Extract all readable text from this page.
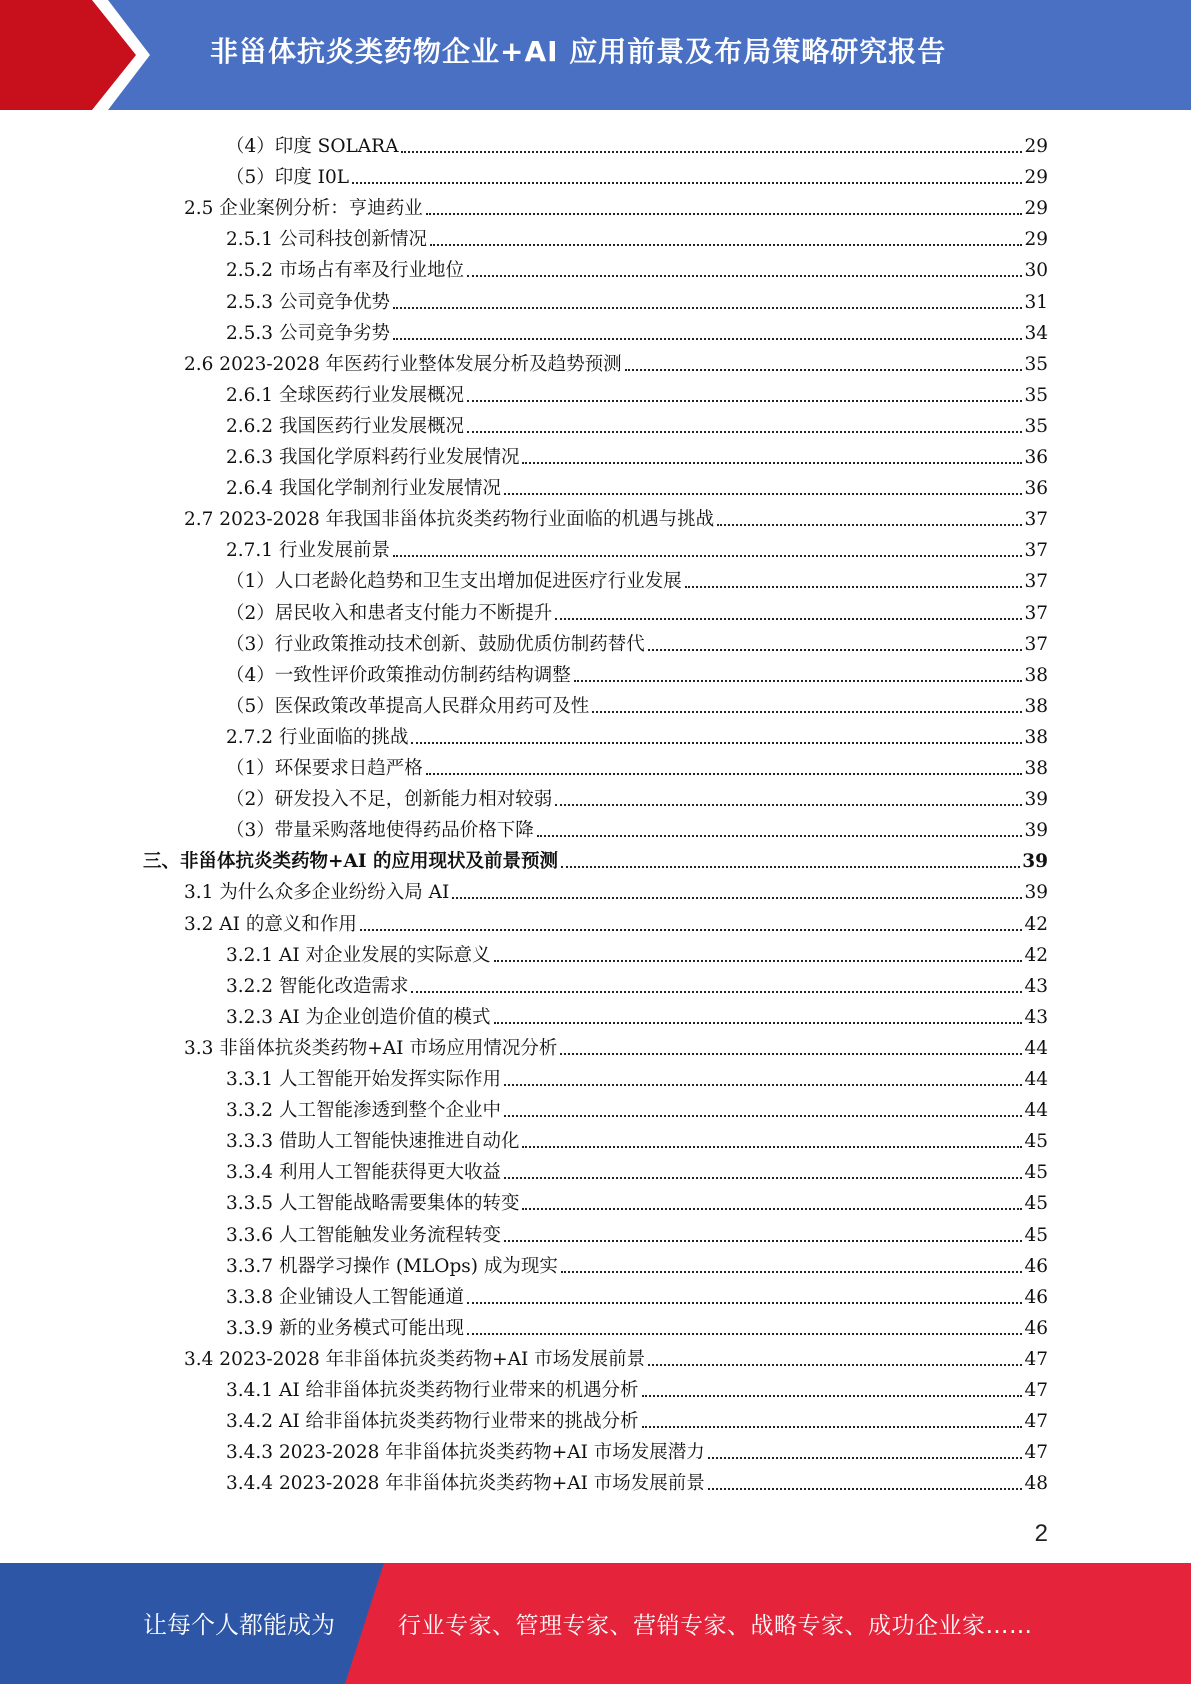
非甾体抗炎类药物企业+AI 应用前景及布局策略研究报告
（4）印度 SOLARA	29
（5）印度 I0L	29
2.5 企业案例分析：亨迪药业	29
2.5.1 公司科技创新情况	29
2.5.2 市场占有率及行业地位	30
2.5.3 公司竞争优势	31
2.5.3 公司竞争劣势	34
2.6 2023-2028 年医药行业整体发展分析及趋势预测	35
2.6.1 全球医药行业发展概况	35
2.6.2 我国医药行业发展概况	35
2.6.3 我国化学原料药行业发展情况	36
2.6.4 我国化学制剂行业发展情况	36
2.7 2023-2028 年我国非甾体抗炎类药物行业面临的机遇与挑战	37
2.7.1 行业发展前景	37
（1）人口老龄化趋势和卫生支出增加促进医疗行业发展	37
（2）居民收入和患者支付能力不断提升	37
（3）行业政策推动技术创新、鼓励优质仿制药替代	37
（4）一致性评价政策推动仿制药结构调整	38
（5）医保政策改革提高人民群众用药可及性	38
2.7.2 行业面临的挑战	38
（1）环保要求日趋严格	38
（2）研发投入不足，创新能力相对较弱	39
（3）带量采购落地使得药品价格下降	39
三、非甾体抗炎类药物+AI 的应用现状及前景预测	39
3.1 为什么众多企业纷纷入局 AI	39
3.2 AI 的意义和作用	42
3.2.1 AI 对企业发展的实际意义	42
3.2.2 智能化改造需求	43
3.2.3 AI 为企业创造价值的模式	43
3.3 非甾体抗炎类药物+AI 市场应用情况分析	44
3.3.1 人工智能开始发挥实际作用	44
3.3.2 人工智能渗透到整个企业中	44
3.3.3 借助人工智能快速推进自动化	45
3.3.4 利用人工智能获得更大收益	45
3.3.5 人工智能战略需要集体的转变	45
3.3.6 人工智能触发业务流程转变	45
3.3.7 机器学习操作 (MLOps) 成为现实	46
3.3.8 企业铺设人工智能通道	46
3.3.9 新的业务模式可能出现	46
3.4 2023-2028 年非甾体抗炎类药物+AI 市场发展前景	47
3.4.1 AI 给非甾体抗炎类药物行业带来的机遇分析	47
3.4.2 AI 给非甾体抗炎类药物行业带来的挑战分析	47
3.4.3 2023-2028 年非甾体抗炎类药物+AI 市场发展潜力	47
3.4.4 2023-2028 年非甾体抗炎类药物+AI 市场发展前景	48
2
让每个人都能成为	行业专家、管理专家、营销专家、战略专家、成功企业家……
